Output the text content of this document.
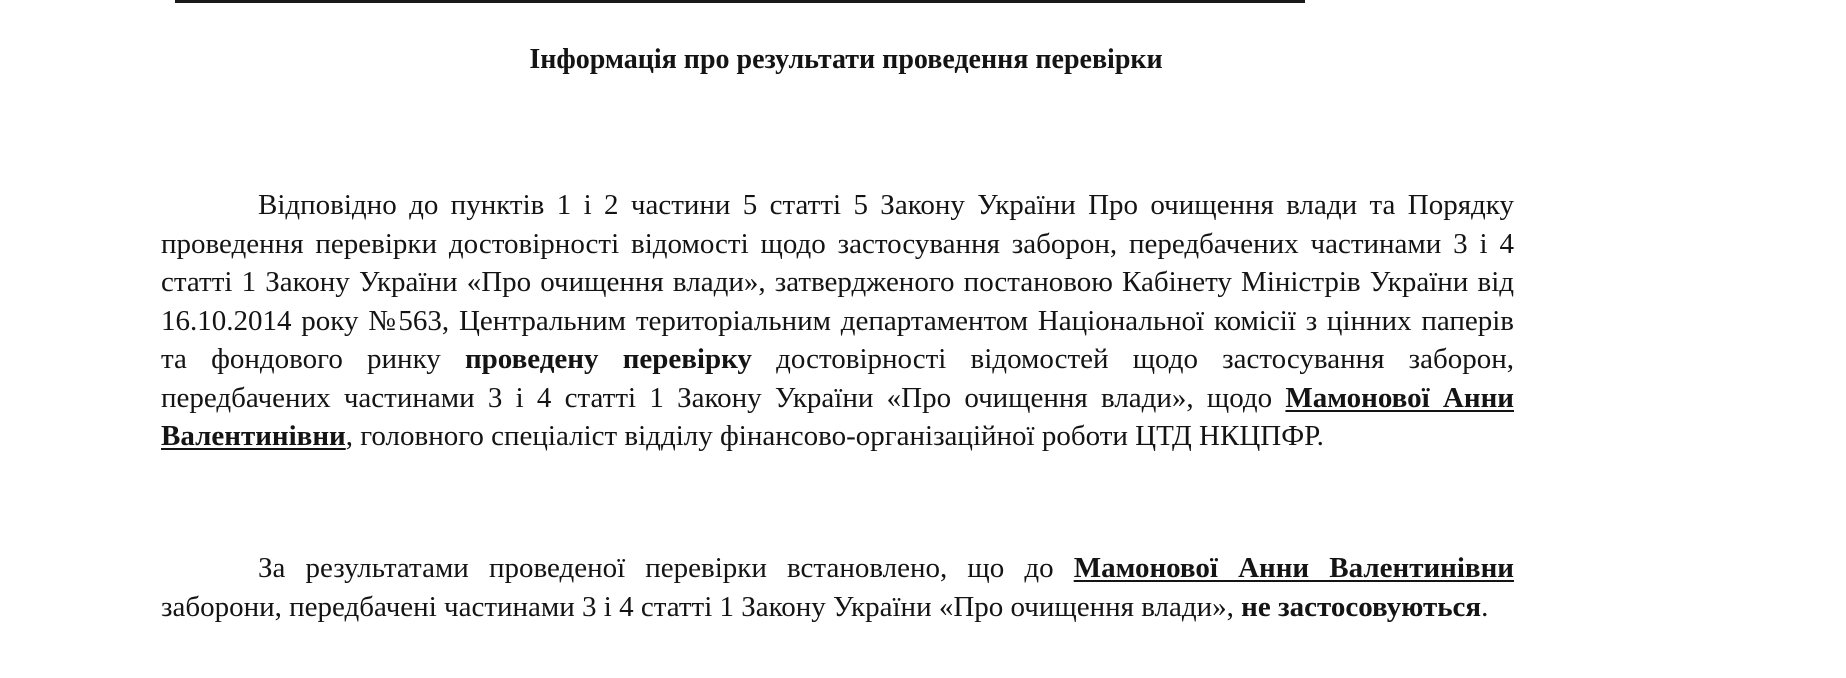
Інформація про результати проведення перевірки

Відповідно до пунктів 1 і 2 частини 5 статті 5 Закону України Про очищення влади та Порядку проведення перевірки достовірності відомості щодо застосування заборон, передбачених частинами 3 і 4 статті 1 Закону України «Про очищення влади», затвердженого постановою Кабінету Міністрів України від 16.10.2014 року №563, Центральним територіальним департаментом Національної комісії з цінних паперів та фондового ринку проведену перевірку достовірності відомостей щодо застосування заборон, передбачених частинами 3 і 4 статті 1 Закону України «Про очищення влади», щодо Мамонової Анни Валентинівни, головного спеціаліст відділу фінансово-організаційної роботи ЦТД НКЦПФР.

За результатами проведеної перевірки встановлено, що до Мамонової Анни Валентинівни заборони, передбачені частинами 3 і 4 статті 1 Закону України «Про очищення влади», не застосовуються.
